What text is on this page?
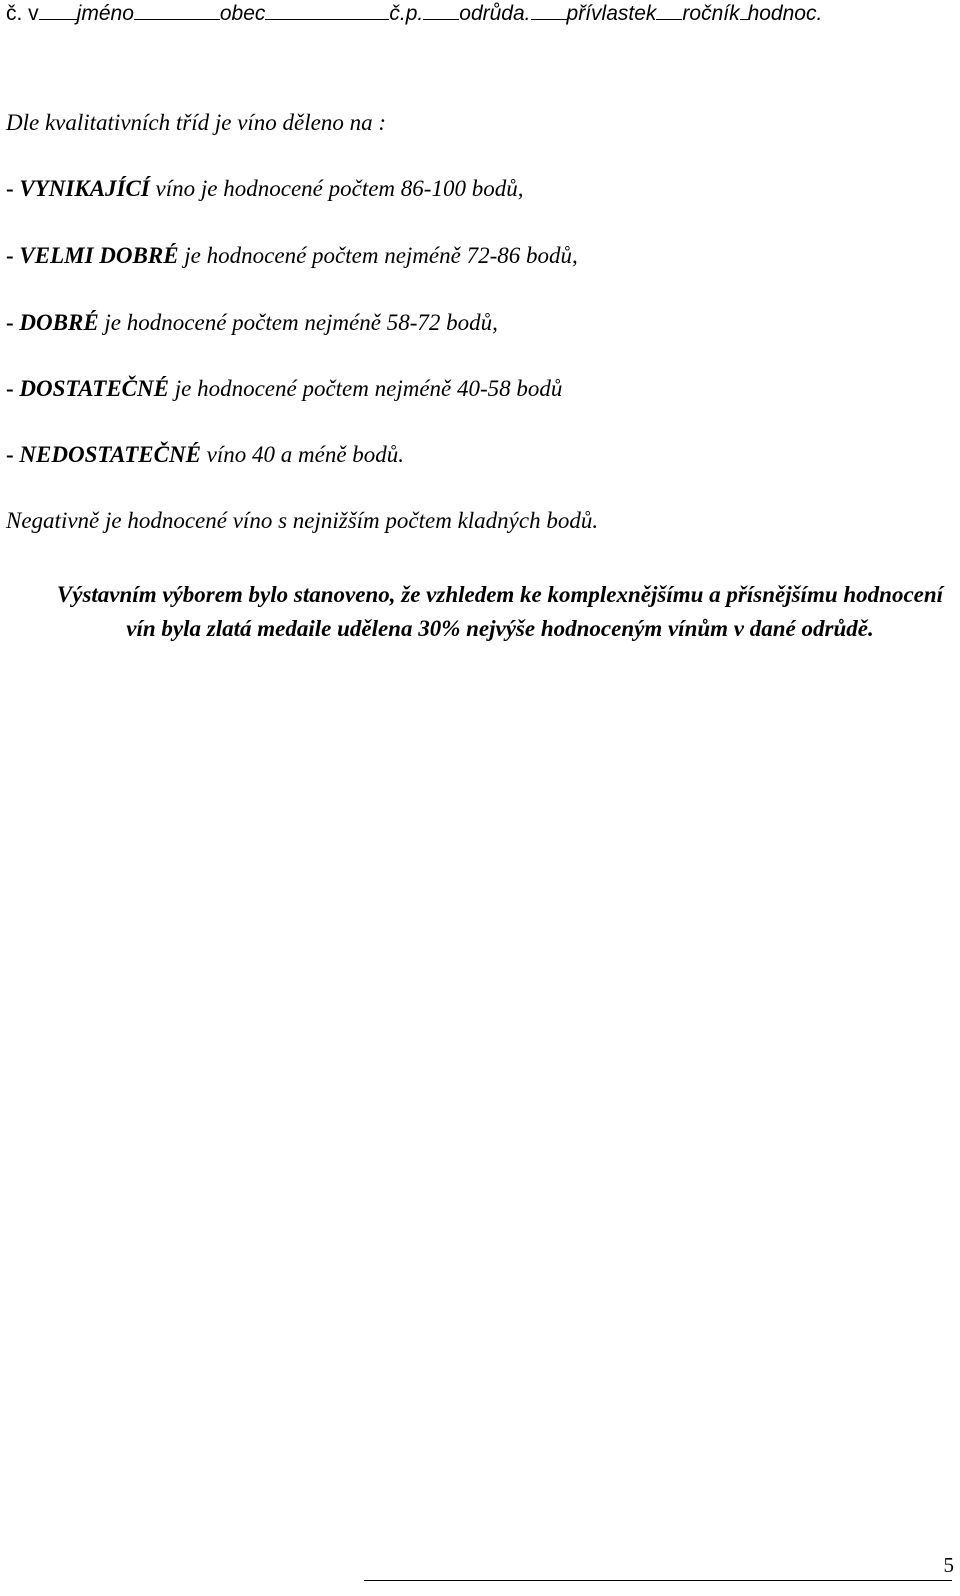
č. v jméno	obec	č.p. odrůda. přívlastek ročník hodnoc.
Dle kvalitativních tříd je víno děleno na :
- VYNIKAJÍCÍ víno je hodnocené počtem 86-100 bodů,
- VELMI DOBRÉ je hodnocené počtem nejméně 72-86 bodů,
- DOBRÉ je hodnocené počtem nejméně 58-72 bodů,
- DOSTATEČNÉ je hodnocené počtem nejméně 40-58 bodů
- NEDOSTATEČNÉ víno 40 a méně bodů.
Negativně je hodnocené víno s nejnižším počtem kladných bodů.
Výstavním výborem bylo stanoveno, že vzhledem ke komplexnějšímu a přísnějšímu hodnocení vín byla zlatá medaile udělena 30% nejvýše hodnoceným vínům v dané odrůdě.
5
